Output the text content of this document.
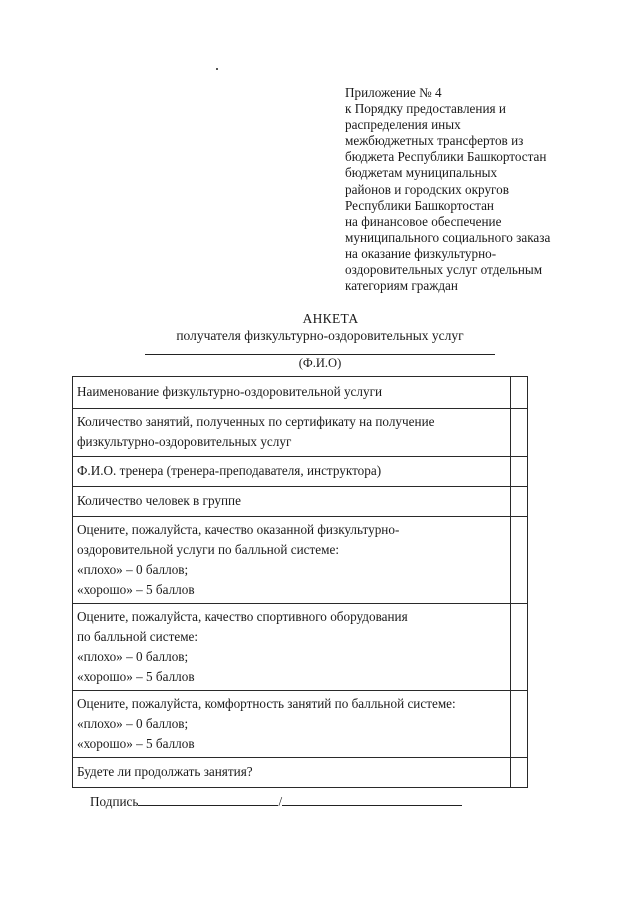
Приложение № 4
к Порядку предоставления и
распределения иных
межбюджетных трансфертов из
бюджета Республики Башкортостан
бюджетам муниципальных
районов и городских округов
Республики Башкортостан
на финансовое обеспечение
муниципального социального заказа
на оказание физкультурно-
оздоровительных услуг отдельным
категориям граждан
АНКЕТА
получателя физкультурно-оздоровительных услуг
(Ф.И.О)
Наименование физкультурно-оздоровительной услуги	

Количество занятий, полученных по сертификату на получение
физкультурно-оздоровительных услуг	

Ф.И.О. тренера (тренера-преподавателя, инструктора)	

Количество человек в группе	

Оцените, пожалуйста, качество оказанной физкультурно-
оздоровительной услуги по балльной системе:
«плохо» – 0 баллов;
«хорошо» – 5 баллов	

Оцените, пожалуйста, качество спортивного оборудования
по балльной системе:
«плохо» – 0 баллов;
«хорошо» – 5 баллов	

Оцените, пожалуйста, комфортность занятий по балльной системе:
«плохо» – 0 баллов;
«хорошо» – 5 баллов	

Будете ли продолжать занятия?	

Подпись	/
